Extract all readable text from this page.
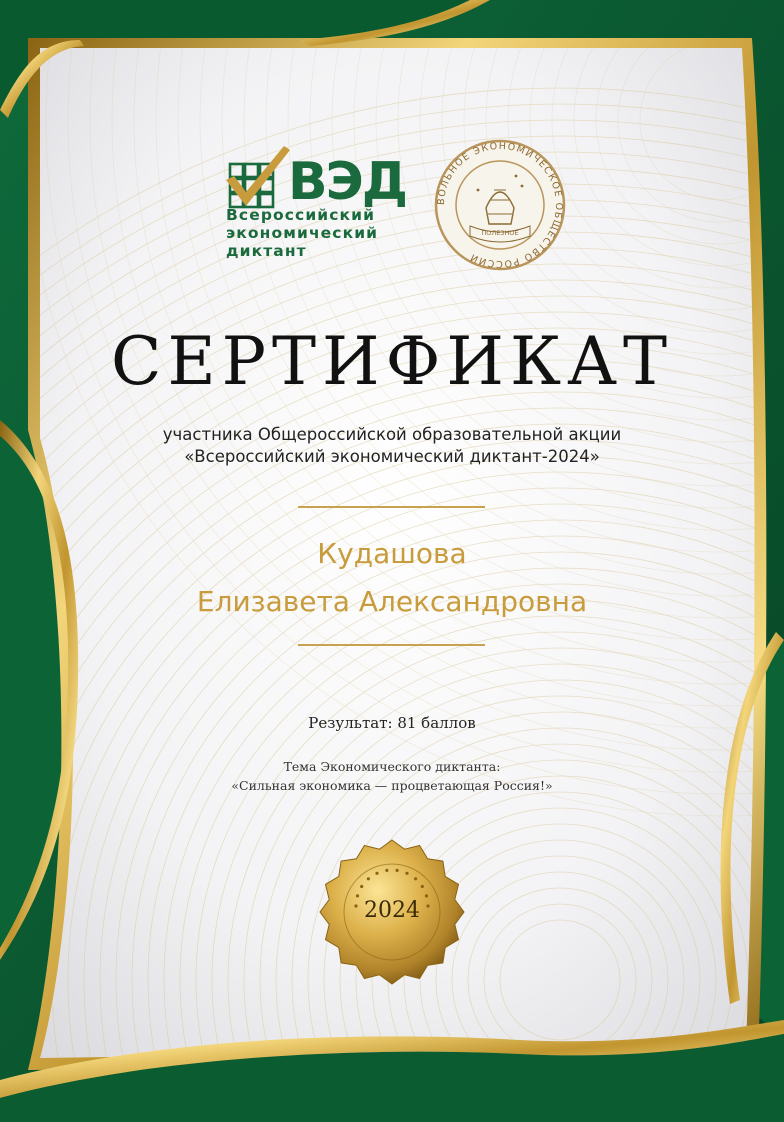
ВОЛЬНОЕ ЭКОНОМИЧЕСКОЕ ОБЩЕСТВО РОССИИ
ПОЛЕЗНОЕ
ВЭД
Всероссийский
экономический
диктант
СЕРТИФИКАТ
участника Общероссийской образовательной акции
«Всероссийский экономический диктант-2024»
Кудашова
Елизавета Александровна
Результат: 81 баллов
Тема Экономического диктанта:
«Сильная экономика — процветающая Россия!»
2024
